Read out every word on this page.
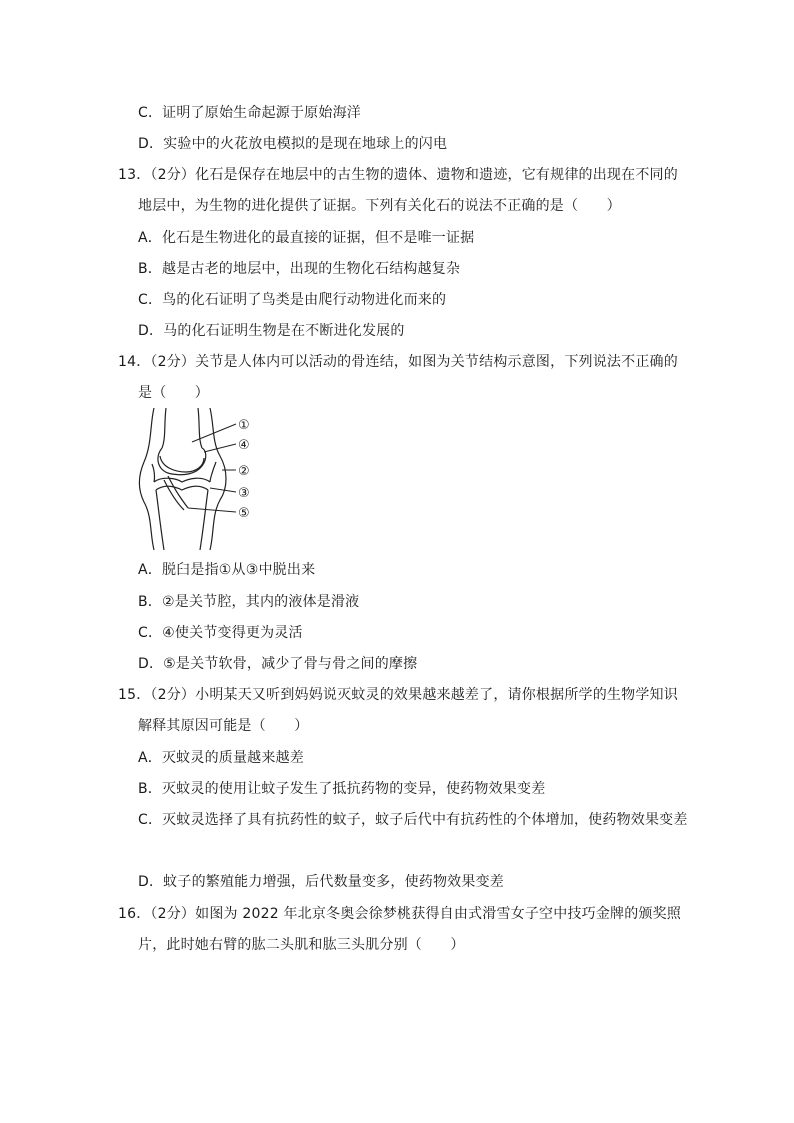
C．证明了原始生命起源于原始海洋
D．实验中的火花放电模拟的是现在地球上的闪电
13．（2分）化石是保存在地层中的古生物的遗体、遗物和遗迹，它有规律的出现在不同的
地层中，为生物的进化提供了证据。下列有关化石的说法不正确的是（　　）
A．化石是生物进化的最直接的证据，但不是唯一证据
B．越是古老的地层中，出现的生物化石结构越复杂
C．鸟的化石证明了鸟类是由爬行动物进化而来的
D．马的化石证明生物是在不断进化发展的
14．（2分）关节是人体内可以活动的骨连结，如图为关节结构示意图，下列说法不正确的
是（　　）
①
④
②
③
⑤
A．脱臼是指①从③中脱出来
B．②是关节腔，其内的液体是滑液
C．④使关节变得更为灵活
D．⑤是关节软骨，减少了骨与骨之间的摩擦
15．（2分）小明某天又听到妈妈说灭蚊灵的效果越来越差了，请你根据所学的生物学知识
解释其原因可能是（　　）
A．灭蚊灵的质量越来越差
B．灭蚊灵的使用让蚊子发生了抵抗药物的变异，使药物效果变差
C．灭蚊灵选择了具有抗药性的蚊子，蚊子后代中有抗药性的个体增加，使药物效果变差
D．蚊子的繁殖能力增强，后代数量变多，使药物效果变差
16．（2分）如图为 2022 年北京冬奥会徐梦桃获得自由式滑雪女子空中技巧金牌的颁奖照
片，此时她右臂的肱二头肌和肱三头肌分别（　　）
